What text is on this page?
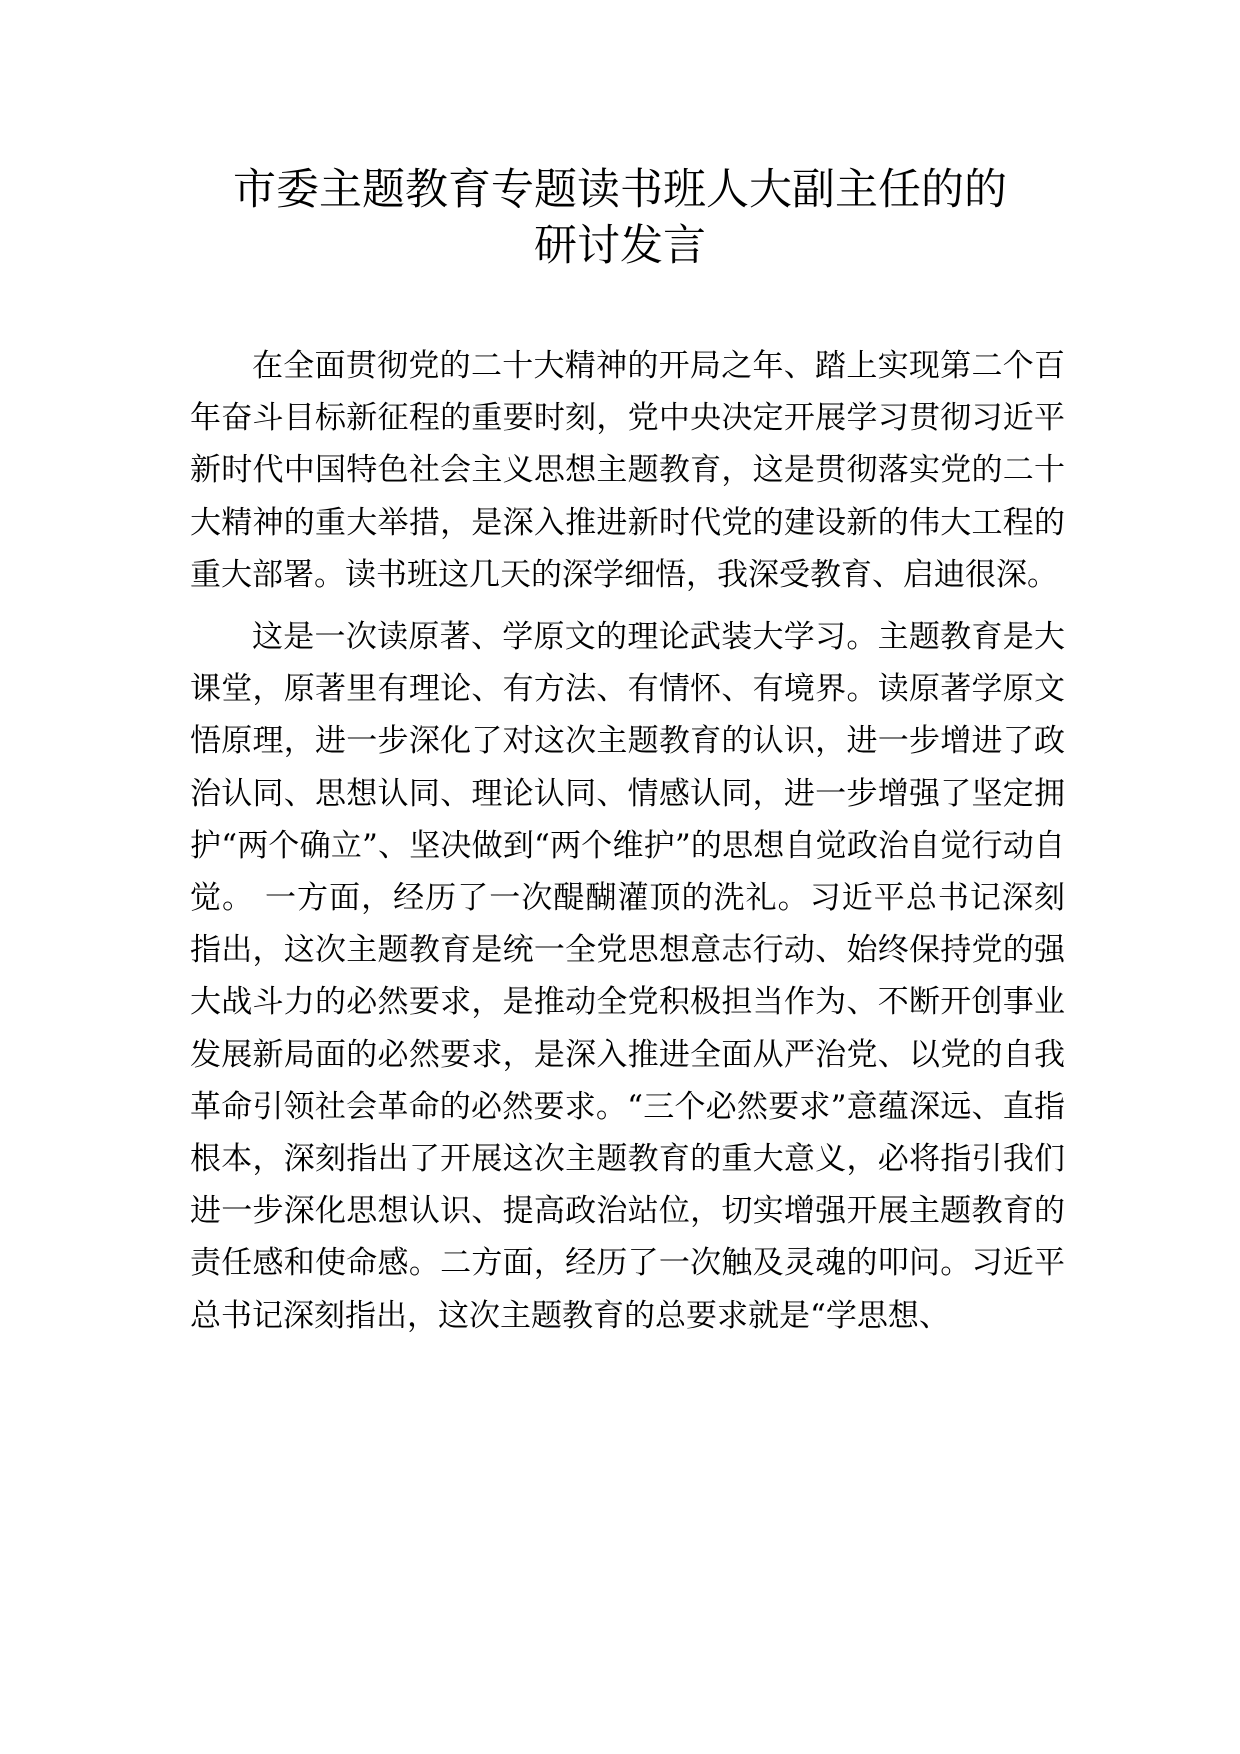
市委主题教育专题读书班人大副主任的的
研讨发言

在全面贯彻党的二十大精神的开局之年、踏上实现第二个百年奋斗目标新征程的重要时刻，党中央决定开展学习贯彻习近平新时代中国特色社会主义思想主题教育，这是贯彻落实党的二十大精神的重大举措，是深入推进新时代党的建设新的伟大工程的重大部署。读书班这几天的深学细悟，我深受教育、启迪很深。

这是一次读原著、学原文的理论武装大学习。主题教育是大课堂，原著里有理论、有方法、有情怀、有境界。读原著学原文悟原理，进一步深化了对这次主题教育的认识，进一步增进了政治认同、思想认同、理论认同、情感认同，进一步增强了坚定拥护“两个确立”、坚决做到“两个维护”的思想自觉政治自觉行动自觉。 一方面，经历了一次醍醐灌顶的洗礼。习近平总书记深刻指出，这次主题教育是统一全党思想意志行动、始终保持党的强大战斗力的必然要求，是推动全党积极担当作为、不断开创事业发展新局面的必然要求，是深入推进全面从严治党、以党的自我革命引领社会革命的必然要求。“三个必然要求”意蕴深远、直指根本，深刻指出了开展这次主题教育的重大意义，必将指引我们进一步深化思想认识、提高政治站位，切实增强开展主题教育的责任感和使命感。二方面，经历了一次触及灵魂的叩问。习近平总书记深刻指出，这次主题教育的总要求就是“学思想、
